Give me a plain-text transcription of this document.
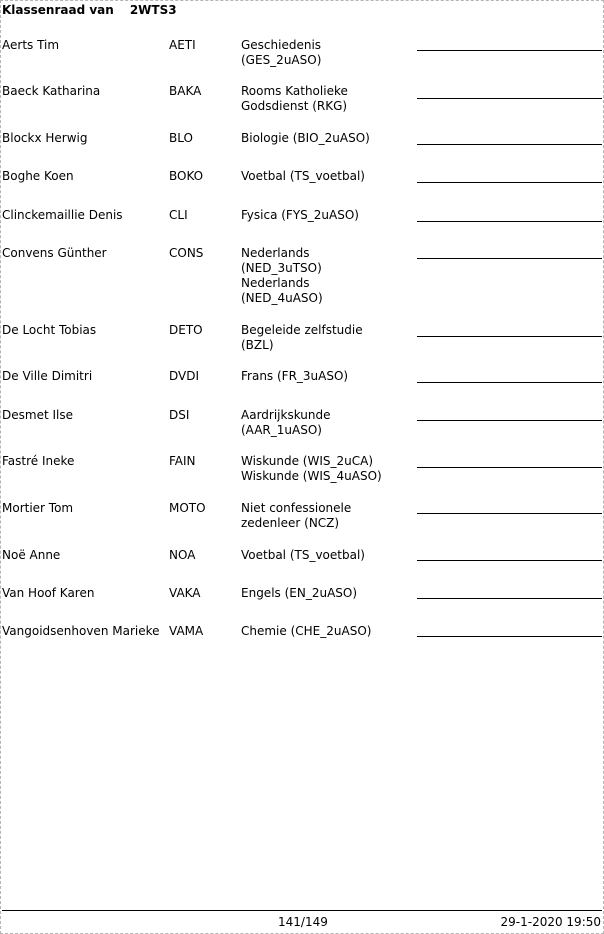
Klassenraad van 2WTS3
Aerts Tim	AETI	Geschiedenis
(GES_2uASO)
Baeck Katharina	BAKA	Rooms Katholieke
Godsdienst (RKG)
Blockx Herwig	BLO	Biologie (BIO_2uASO)
Boghe Koen	BOKO	Voetbal (TS_voetbal)
Clinckemaillie Denis	CLI	Fysica (FYS_2uASO)
Convens Günther	CONS	Nederlands
(NED_3uTSO)
Nederlands
(NED_4uASO)
De Locht Tobias	DETO	Begeleide zelfstudie
(BZL)
De Ville Dimitri	DVDI	Frans (FR_3uASO)
Desmet Ilse	DSI	Aardrijkskunde
(AAR_1uASO)
Fastré Ineke	FAIN	Wiskunde (WIS_2uCA)
Wiskunde (WIS_4uASO)
Mortier Tom	MOTO	Niet confessionele
zedenleer (NCZ)
Noë Anne	NOA	Voetbal (TS_voetbal)
Van Hoof Karen	VAKA	Engels (EN_2uASO)
Vangoidsenhoven Marieke VAMA	Chemie (CHE_2uASO)
141/149	29-1-2020 19:50
